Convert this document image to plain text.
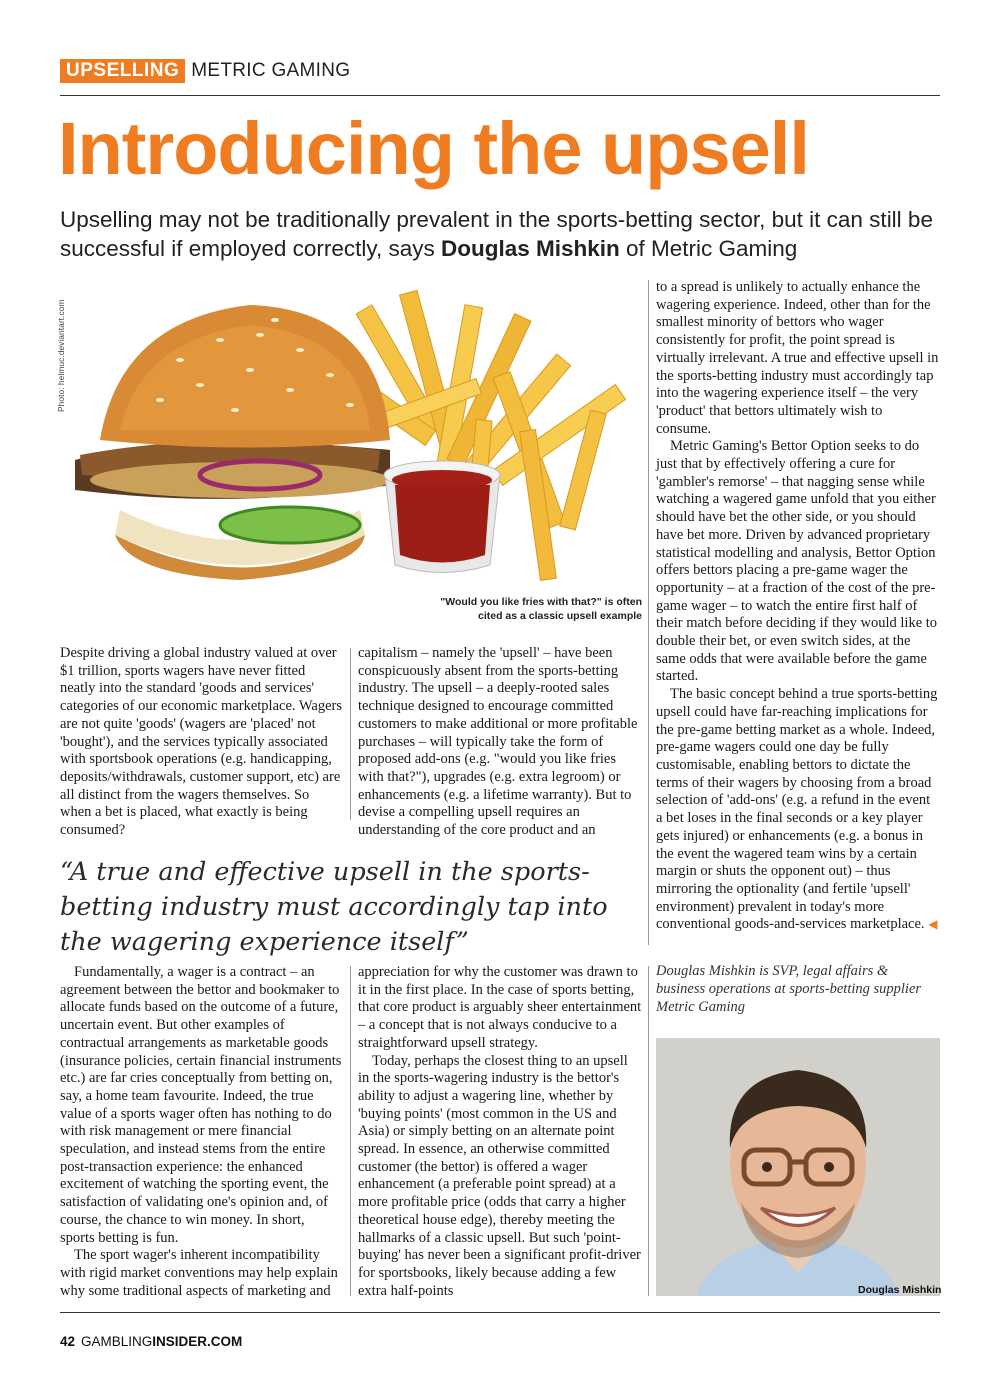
UPSELLING METRIC GAMING
Introducing the upsell
Upselling may not be traditionally prevalent in the sports-betting sector, but it can still be successful if employed correctly, says Douglas Mishkin of Metric Gaming
Photo: helmuc.deviantart.com
"Would you like fries with that?" is often cited as a classic upsell example

Despite driving a global industry valued at over $1 trillion, sports wagers have never fitted neatly into the standard 'goods and services' categories of our economic marketplace. Wagers are not quite 'goods' (wagers are 'placed' not 'bought'), and the services typically associated with sportsbook operations (e.g. handicapping, deposits/withdrawals, customer support, etc) are all distinct from the wagers themselves. So when a bet is placed, what exactly is being consumed?

capitalism – namely the 'upsell' – have been conspicuously absent from the sports-betting industry. The upsell – a deeply-rooted sales technique designed to encourage committed customers to make additional or more profitable purchases – will typically take the form of proposed add-ons (e.g. "would you like fries with that?"), upgrades (e.g. extra legroom) or enhancements (e.g. a lifetime warranty). But to devise a compelling upsell requires an understanding of the core product and an

to a spread is unlikely to actually enhance the wagering experience. Indeed, other than for the smallest minority of bettors who wager consistently for profit, the point spread is virtually irrelevant. A true and effective upsell in the sports-betting industry must accordingly tap into the wagering experience itself – the very 'product' that bettors ultimately wish to consume.

Metric Gaming's Bettor Option seeks to do just that by effectively offering a cure for 'gambler's remorse' – that nagging sense while watching a wagered game unfold that you either should have bet the other side, or you should have bet more. Driven by advanced proprietary statistical modelling and analysis, Bettor Option offers bettors placing a pre-game wager the opportunity – at a fraction of the cost of the pre-game wager – to watch the entire first half of their match before deciding if they would like to double their bet, or even switch sides, at the same odds that were available before the game started.

The basic concept behind a true sports-betting upsell could have far-reaching implications for the pre-game betting market as a whole. Indeed, pre-game wagers could one day be fully customisable, enabling bettors to dictate the terms of their wagers by choosing from a broad selection of 'add-ons' (e.g. a refund in the event a bet loses in the final seconds or a key player gets injured) or enhancements (e.g. a bonus in the event the wagered team wins by a certain margin or shuts the opponent out) – thus mirroring the optionality (and fertile 'upsell' environment) prevalent in today's more conventional goods-and-services marketplace. ◀

“A true and effective upsell in the sports-betting industry must accordingly tap into the wagering experience itself”

Fundamentally, a wager is a contract – an agreement between the bettor and bookmaker to allocate funds based on the outcome of a future, uncertain event. But other examples of contractual arrangements as marketable goods (insurance policies, certain financial instruments etc.) are far cries conceptually from betting on, say, a home team favourite. Indeed, the true value of a sports wager often has nothing to do with risk management or mere financial speculation, and instead stems from the entire post-transaction experience: the enhanced excitement of watching the sporting event, the satisfaction of validating one's opinion and, of course, the chance to win money. In short, sports betting is fun.

The sport wager's inherent incompatibility with rigid market conventions may help explain why some traditional aspects of marketing and

appreciation for why the customer was drawn to it in the first place. In the case of sports betting, that core product is arguably sheer entertainment – a concept that is not always conducive to a straightforward upsell strategy.

Today, perhaps the closest thing to an upsell in the sports-wagering industry is the bettor's ability to adjust a wagering line, whether by 'buying points' (most common in the US and Asia) or simply betting on an alternate point spread. In essence, an otherwise committed customer (the bettor) is offered a wager enhancement (a preferable point spread) at a more profitable price (odds that carry a higher theoretical house edge), thereby meeting the hallmarks of a classic upsell. But such 'point-buying' has never been a significant profit-driver for sportsbooks, likely because adding a few extra half-points

Douglas Mishkin is SVP, legal affairs & business operations at sports-betting supplier Metric Gaming
Douglas Mishkin
42 GAMBLINGINSIDER.COM
